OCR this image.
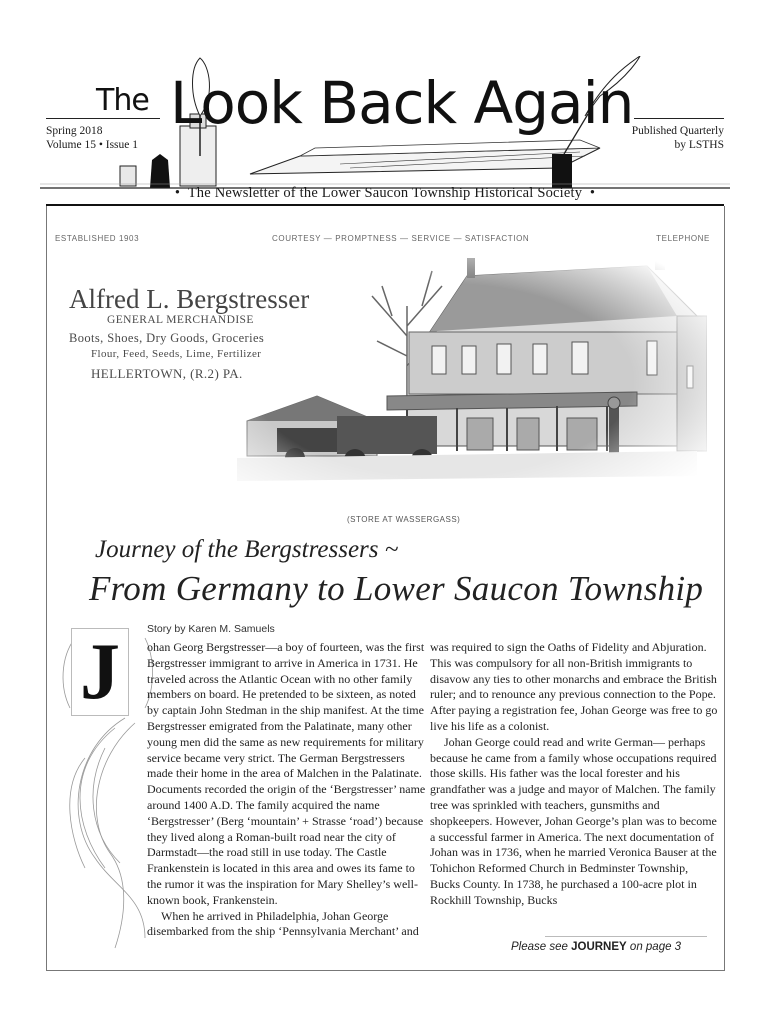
The Look Back Again
Spring 2018
Volume 15 • Issue 1
Published Quarterly
by LSTHS
•  The Newsletter of the Lower Saucon Township Historical Society  •
ESTABLISHED 1903	COURTESY — PROMPTNESS — SERVICE — SATISFACTION	TELEPHONE
Alfred L. Bergstresser
GENERAL MERCHANDISE
Boots, Shoes, Dry Goods, Groceries
Flour, Feed, Seeds, Lime, Fertilizer
HELLERTOWN, (R.2) PA.
(STORE AT WASSERGASS)
Journey of the Bergstressers ~
From Germany to Lower Saucon Township
J	Story by Karen M. Samuels

ohan Georg Bergstresser—a boy of fourteen, was the first Bergstresser immigrant to arrive in America in 1731. He traveled across the Atlantic Ocean with no other family members on board. He pretended to be sixteen, as noted by captain John Stedman in the ship manifest. At the time Bergstresser emigrated from the Palatinate, many other young men did the same as new requirements for military service became very strict. The German Bergstressers made their home in the area of Malchen in the Palatinate. Documents recorded the origin of the ‘Bergstresser’ name around 1400 A.D. The family acquired the name ‘Bergstresser’ (Berg ‘mountain’ + Strasse ‘road’) because they lived along a Roman-built road near the city of Darmstadt—the road still in use today. The Castle Frankenstein is located in this area and owes its fame to the rumor it was the inspiration for Mary Shelley’s well-known book, Frankenstein.

When he arrived in Philadelphia, Johan George disembarked from the ship ‘Pennsylvania Merchant’ and

was required to sign the Oaths of Fidelity and Abjuration. This was compulsory for all non-British immigrants to disavow any ties to other monarchs and embrace the British ruler; and to renounce any previous connection to the Pope. After paying a registration fee, Johan George was free to go live his life as a colonist.

Johan George could read and write German— perhaps because he came from a family whose occupations required those skills. His father was the local forester and his grandfather was a judge and mayor of Malchen. The family tree was sprinkled with teachers, gunsmiths and shopkeepers. However, Johan George’s plan was to become a successful farmer in America. The next documentation of Johan was in 1736, when he married Veronica Bauser at the Tohichon Reformed Church in Bedminster Township, Bucks County. In 1738, he purchased a 100-acre plot in Rockhill Township, Bucks

Please see JOURNEY on page 3
